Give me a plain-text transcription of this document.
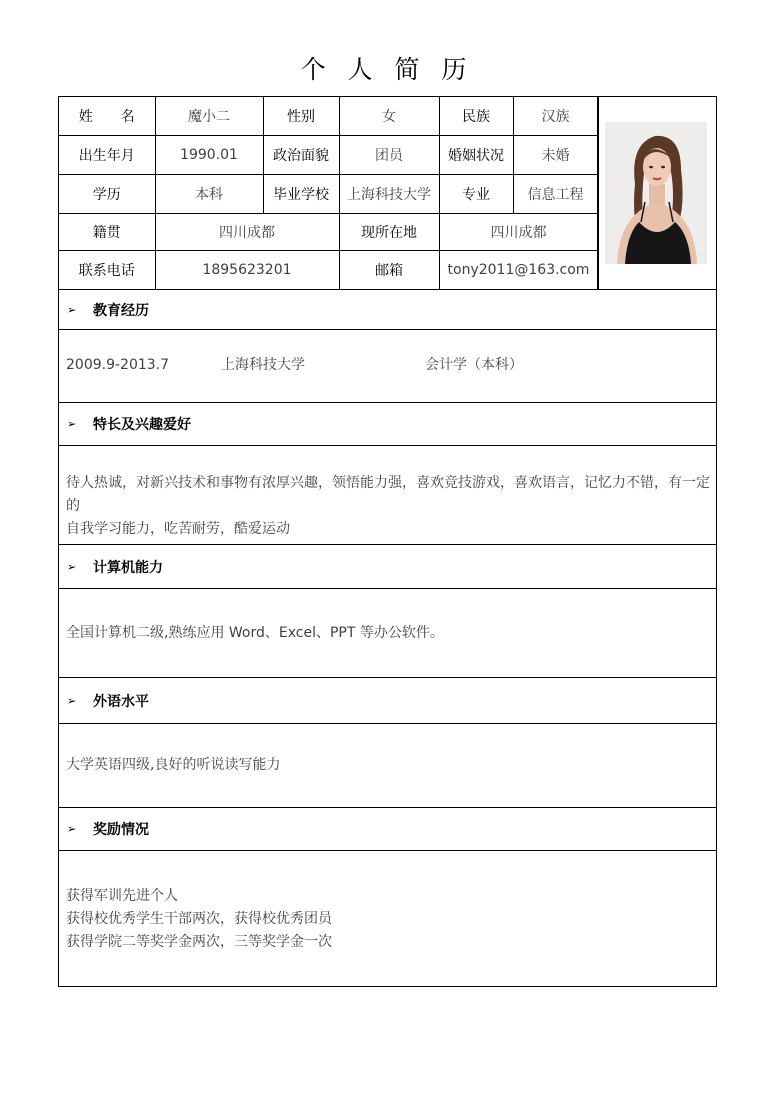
个 人 简 历
姓　　名	魔小二	性别	女	民族	汉族
出生年月	1990.01	政治面貌	团员	婚姻状况	未婚
学历	本科	毕业学校	上海科技大学	专业	信息工程
籍贯	四川成都		现所在地	四川成都	
联系电话	1895623201		邮箱	tony2011@163.com	
➢ 教育经历
2009.9-2013.7	上海科技大学	会计学（本科）
➢ 特长及兴趣爱好
待人热诚，对新兴技术和事物有浓厚兴趣，领悟能力强，喜欢竞技游戏，喜欢语言，记忆力不错，有一定的
自我学习能力，吃苦耐劳，酷爱运动
➢ 计算机能力
全国计算机二级,熟练应用 Word、Excel、PPT 等办公软件。
➢ 外语水平
大学英语四级,良好的听说读写能力
➢ 奖励情况
获得军训先进个人
获得校优秀学生干部两次，获得校优秀团员
获得学院二等奖学金两次，三等奖学金一次
